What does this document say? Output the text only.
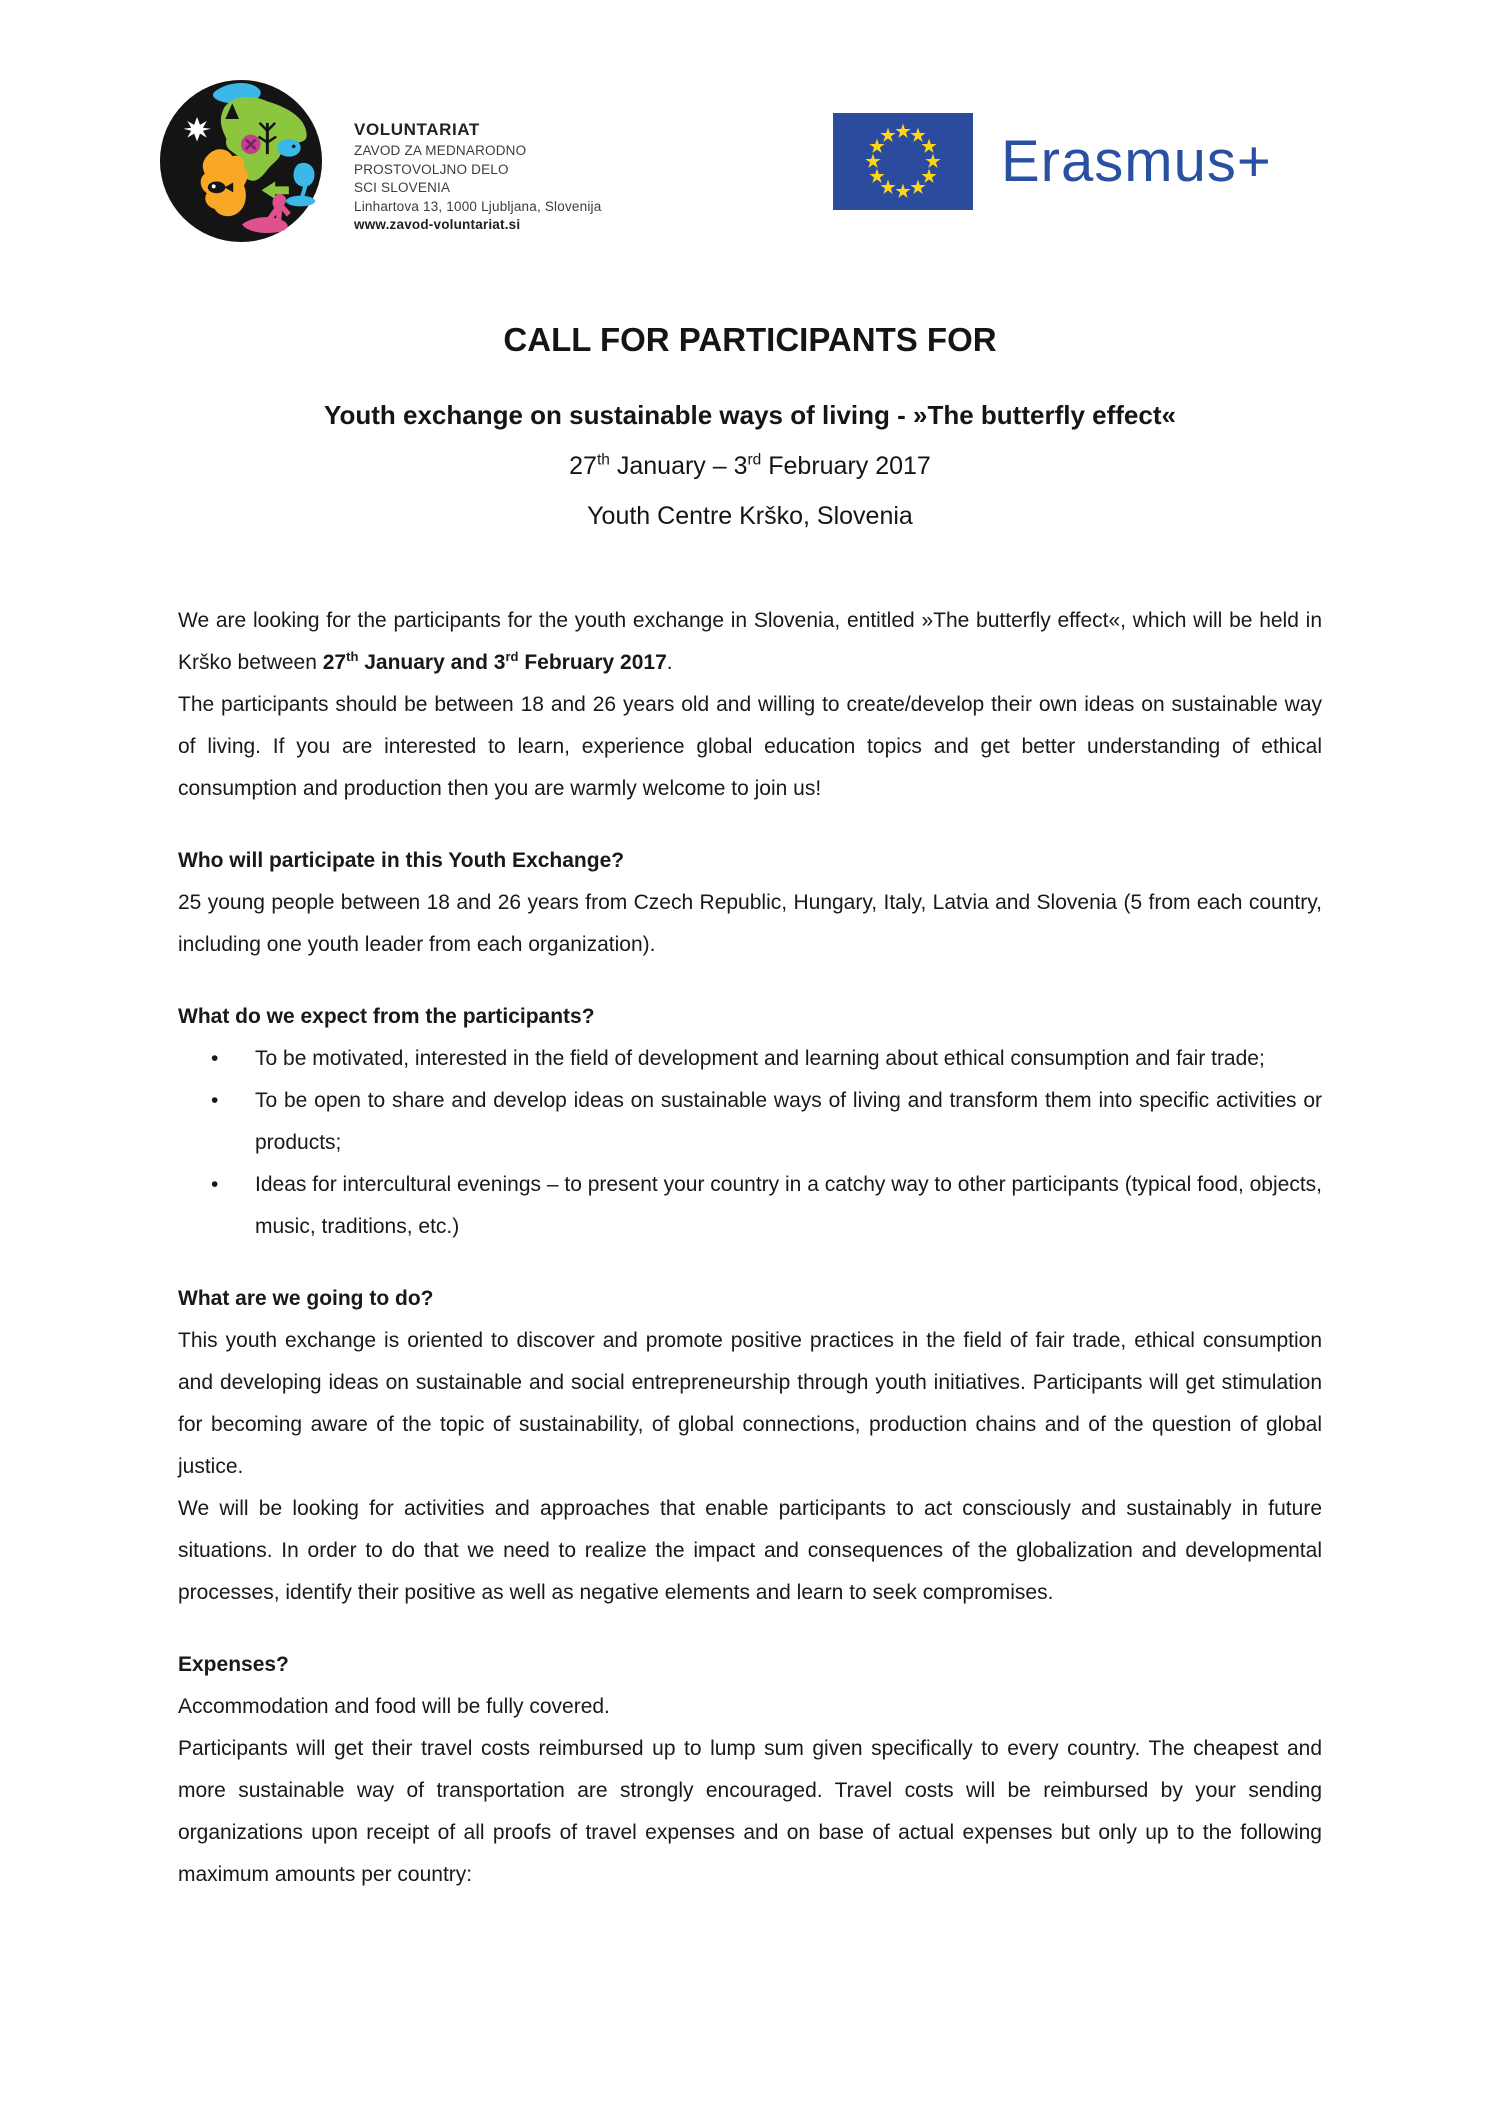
VOLUNTARIAT
ZAVOD ZA MEDNARODNO
PROSTOVOLJNO DELO
SCI SLOVENIA
Linhartova 13, 1000 Ljubljana, Slovenija
www.zavod-voluntariat.si
Erasmus+
CALL FOR PARTICIPANTS FOR
Youth exchange on sustainable ways of living - »The butterfly effect«
27th January – 3rd February 2017
Youth Centre Krško, Slovenia

We are looking for the participants for the youth exchange in Slovenia, entitled »The butterfly effect«, which will be held in Krško between 27th January and 3rd February 2017.

The participants should be between 18 and 26 years old and willing to create/develop their own ideas on sustainable way of living. If you are interested to learn, experience global education topics and get better understanding of ethical consumption and production then you are warmly welcome to join us!

Who will participate in this Youth Exchange?

25 young people between 18 and 26 years from Czech Republic, Hungary, Italy, Latvia and Slovenia (5 from each country, including one youth leader from each organization).

What do we expect from the participants?
• To be motivated, interested in the field of development and learning about ethical consumption and fair trade;
• To be open to share and develop ideas on sustainable ways of living and transform them into specific activities or products;
• Ideas for intercultural evenings – to present your country in a catchy way to other participants (typical food, objects, music, traditions, etc.)
What are we going to do?

This youth exchange is oriented to discover and promote positive practices in the field of fair trade, ethical consumption and developing ideas on sustainable and social entrepreneurship through youth initiatives. Participants will get stimulation for becoming aware of the topic of sustainability, of global connections, production chains and of the question of global justice.

We will be looking for activities and approaches that enable participants to act consciously and sustainably in future situations. In order to do that we need to realize the impact and consequences of the globalization and developmental processes, identify their positive as well as negative elements and learn to seek compromises.

Expenses?

Accommodation and food will be fully covered.

Participants will get their travel costs reimbursed up to lump sum given specifically to every country. The cheapest and more sustainable way of transportation are strongly encouraged. Travel costs will be reimbursed by your sending organizations upon receipt of all proofs of travel expenses and on base of actual expenses but only up to the following maximum amounts per country:
